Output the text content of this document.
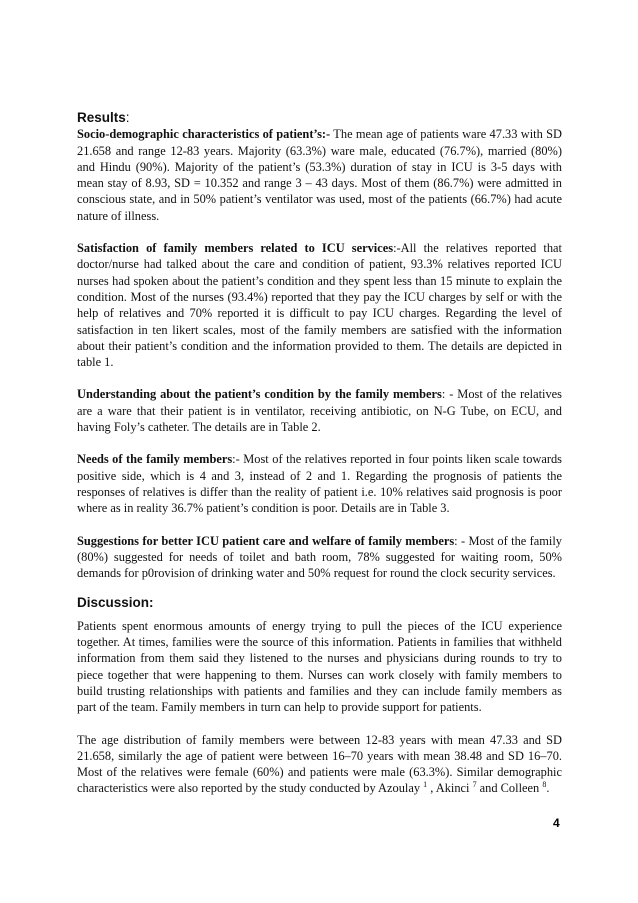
Results:

Socio-demographic characteristics of patient’s:- The mean age of patients ware 47.33 with SD 21.658 and range 12-83 years. Majority (63.3%) ware male, educated (76.7%), married (80%) and Hindu (90%). Majority of the patient’s (53.3%) duration of stay in ICU is 3-5 days with mean stay of 8.93, SD = 10.352 and range 3 – 43 days. Most of them (86.7%) were admitted in conscious state, and in 50% patient’s ventilator was used, most of the patients (66.7%) had acute nature of illness.

Satisfaction of family members related to ICU services:-All the relatives reported that doctor/nurse had talked about the care and condition of patient, 93.3% relatives reported ICU nurses had spoken about the patient’s condition and they spent less than 15 minute to explain the condition. Most of the nurses (93.4%) reported that they pay the ICU charges by self or with the help of relatives and 70% reported it is difficult to pay ICU charges. Regarding the level of satisfaction in ten likert scales, most of the family members are satisfied with the information about their patient’s condition and the information provided to them. The details are depicted in table 1.

Understanding about the patient’s condition by the family members: - Most of the relatives are a ware that their patient is in ventilator, receiving antibiotic, on N-G Tube, on ECU, and having Foly’s catheter. The details are in Table 2.

Needs of the family members:- Most of the relatives reported in four points liken scale towards positive side, which is 4 and 3, instead of 2 and 1. Regarding the prognosis of patients the responses of relatives is differ than the reality of patient i.e. 10% relatives said prognosis is poor where as in reality 36.7% patient’s condition is poor. Details are in Table 3.

Suggestions for better ICU patient care and welfare of family members: - Most of the family (80%) suggested for needs of toilet and bath room, 78% suggested for waiting room, 50% demands for p0rovision of drinking water and 50% request for round the clock security services.

Discussion:

Patients spent enormous amounts of energy trying to pull the pieces of the ICU experience together. At times, families were the source of this information. Patients in families that withheld information from them said they listened to the nurses and physicians during rounds to try to piece together that were happening to them. Nurses can work closely with family members to build trusting relationships with patients and families and they can include family members as part of the team. Family members in turn can help to provide support for patients.

The age distribution of family members were between 12-83 years with mean 47.33 and SD 21.658, similarly the age of patient were between 16–70 years with mean 38.48 and SD 16–70. Most of the relatives were female (60%) and patients were male (63.3%). Similar demographic characteristics were also reported by the study conducted by Azoulay $^1$ , Akinci $^7$ and Colleen $^8$.

4
